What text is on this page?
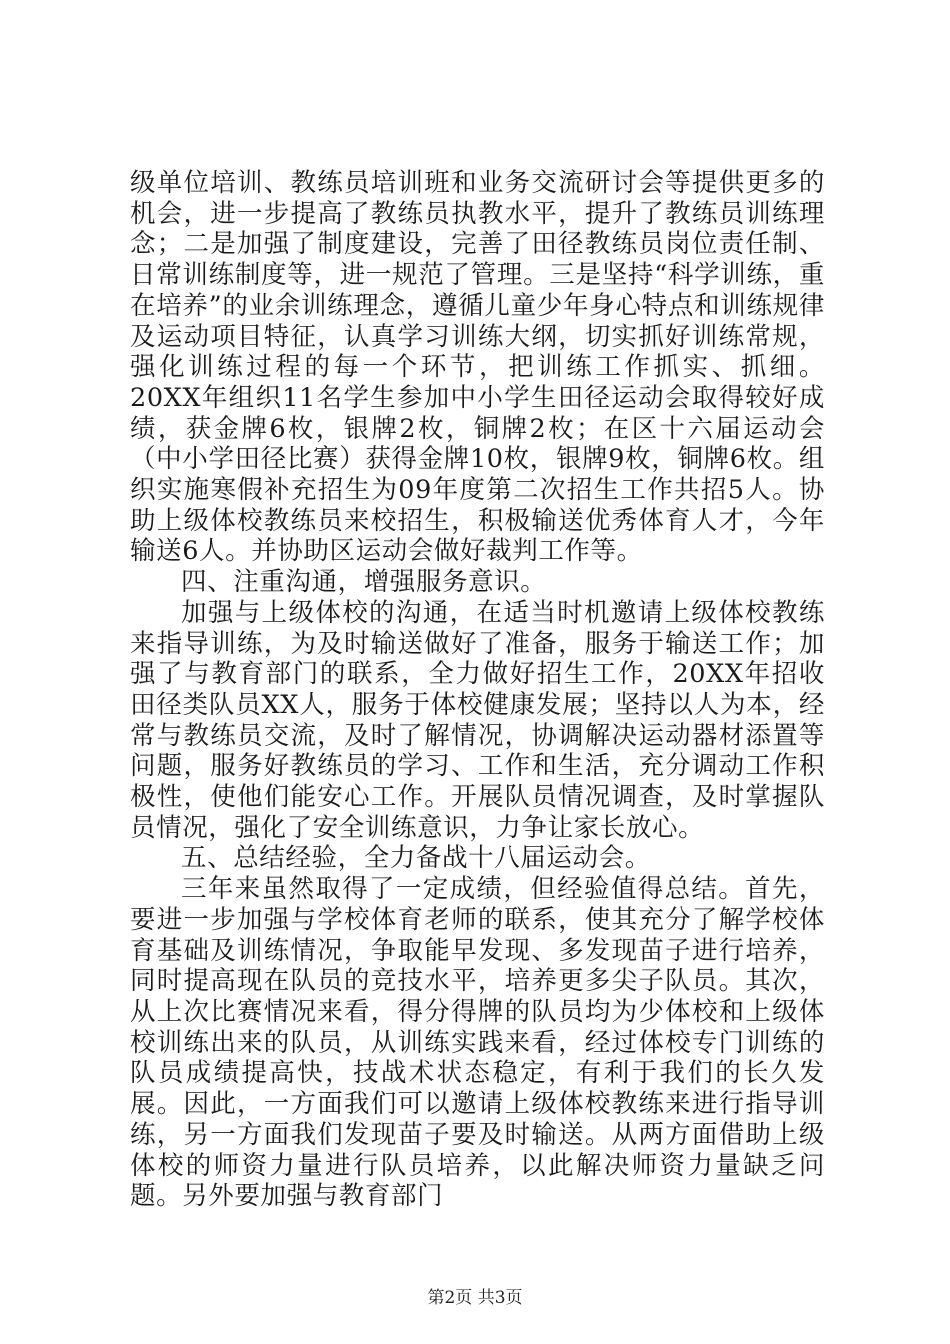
级单位培训、教练员培训班和业务交流研讨会等提供更多的机会，进一步提高了教练员执教水平，提升了教练员训练理念；二是加强了制度建设，完善了田径教练员岗位责任制、日常训练制度等，进一规范了管理。三是坚持“科学训练，重在培养”的业余训练理念，遵循儿童少年身心特点和训练规律及运动项目特征，认真学习训练大纲，切实抓好训练常规，强化训练过程的每一个环节，把训练工作抓实、抓细。20XX年组织11名学生参加中小学生田径运动会取得较好成绩，获金牌6枚，银牌2枚，铜牌2枚；在区十六届运动会（中小学田径比赛）获得金牌10枚，银牌9枚，铜牌6枚。组织实施寒假补充招生为09年度第二次招生工作共招5人。协助上级体校教练员来校招生，积极输送优秀体育人才，今年输送6人。并协助区运动会做好裁判工作等。

四、注重沟通，增强服务意识。

加强与上级体校的沟通，在适当时机邀请上级体校教练来指导训练，为及时输送做好了准备，服务于输送工作；加强了与教育部门的联系，全力做好招生工作，20XX年招收田径类队员XX人，服务于体校健康发展；坚持以人为本，经常与教练员交流，及时了解情况，协调解决运动器材添置等问题，服务好教练员的学习、工作和生活，充分调动工作积极性，使他们能安心工作。开展队员情况调查，及时掌握队员情况，强化了安全训练意识，力争让家长放心。

五、总结经验，全力备战十八届运动会。

三年来虽然取得了一定成绩，但经验值得总结。首先，要进一步加强与学校体育老师的联系，使其充分了解学校体育基础及训练情况，争取能早发现、多发现苗子进行培养，同时提高现在队员的竞技水平，培养更多尖子队员。其次，从上次比赛情况来看，得分得牌的队员均为少体校和上级体校训练出来的队员，从训练实践来看，经过体校专门训练的队员成绩提高快，技战术状态稳定，有利于我们的长久发展。因此，一方面我们可以邀请上级体校教练来进行指导训练，另一方面我们发现苗子要及时输送。从两方面借助上级体校的师资力量进行队员培养，以此解决师资力量缺乏问题。另外要加强与教育部门

第2页 共3页
